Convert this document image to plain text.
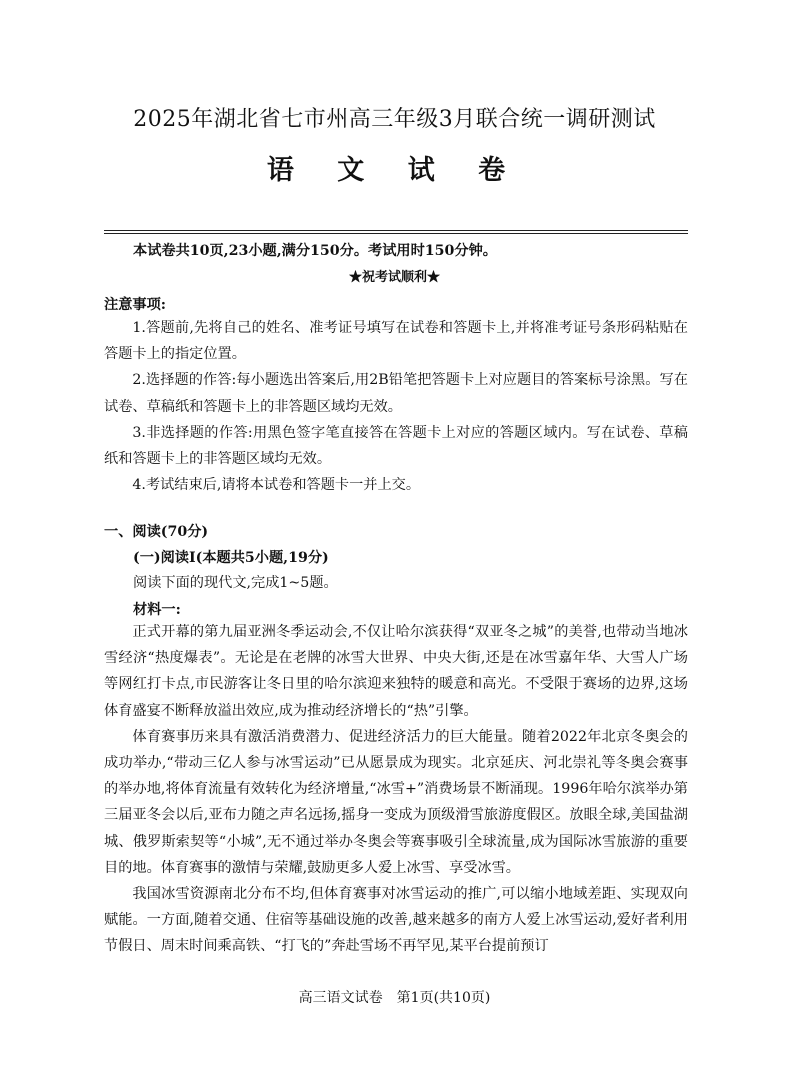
2025年湖北省七市州高三年级3月联合统一调研测试
语 文 试 卷
本试卷共10页,23小题,满分150分。考试用时150分钟。
★祝考试顺利★
注意事项:

1.答题前,先将自己的姓名、准考证号填写在试卷和答题卡上,并将准考证号条形码粘贴在答题卡上的指定位置。

2.选择题的作答:每小题选出答案后,用2B铅笔把答题卡上对应题目的答案标号涂黑。写在试卷、草稿纸和答题卡上的非答题区域均无效。

3.非选择题的作答:用黑色签字笔直接答在答题卡上对应的答题区域内。写在试卷、草稿纸和答题卡上的非答题区域均无效。

4.考试结束后,请将本试卷和答题卡一并上交。

一、阅读(70分)
(一)阅读Ⅰ(本题共5小题,19分)
阅读下面的现代文,完成1~5题。
材料一:

正式开幕的第九届亚洲冬季运动会,不仅让哈尔滨获得“双亚冬之城”的美誉,也带动当地冰雪经济“热度爆表”。无论是在老牌的冰雪大世界、中央大街,还是在冰雪嘉年华、大雪人广场等网红打卡点,市民游客让冬日里的哈尔滨迎来独特的暖意和高光。不受限于赛场的边界,这场体育盛宴不断释放溢出效应,成为推动经济增长的“热”引擎。

体育赛事历来具有激活消费潜力、促进经济活力的巨大能量。随着2022年北京冬奥会的成功举办,“带动三亿人参与冰雪运动”已从愿景成为现实。北京延庆、河北崇礼等冬奥会赛事的举办地,将体育流量有效转化为经济增量,“冰雪+”消费场景不断涌现。1996年哈尔滨举办第三届亚冬会以后,亚布力随之声名远扬,摇身一变成为顶级滑雪旅游度假区。放眼全球,美国盐湖城、俄罗斯索契等“小城”,无不通过举办冬奥会等赛事吸引全球流量,成为国际冰雪旅游的重要目的地。体育赛事的激情与荣耀,鼓励更多人爱上冰雪、享受冰雪。

我国冰雪资源南北分布不均,但体育赛事对冰雪运动的推广,可以缩小地域差距、实现双向赋能。一方面,随着交通、住宿等基础设施的改善,越来越多的南方人爱上冰雪运动,爱好者利用节假日、周末时间乘高铁、“打飞的”奔赴雪场不再罕见,某平台提前预订

高三语文试卷　第1页(共10页)
